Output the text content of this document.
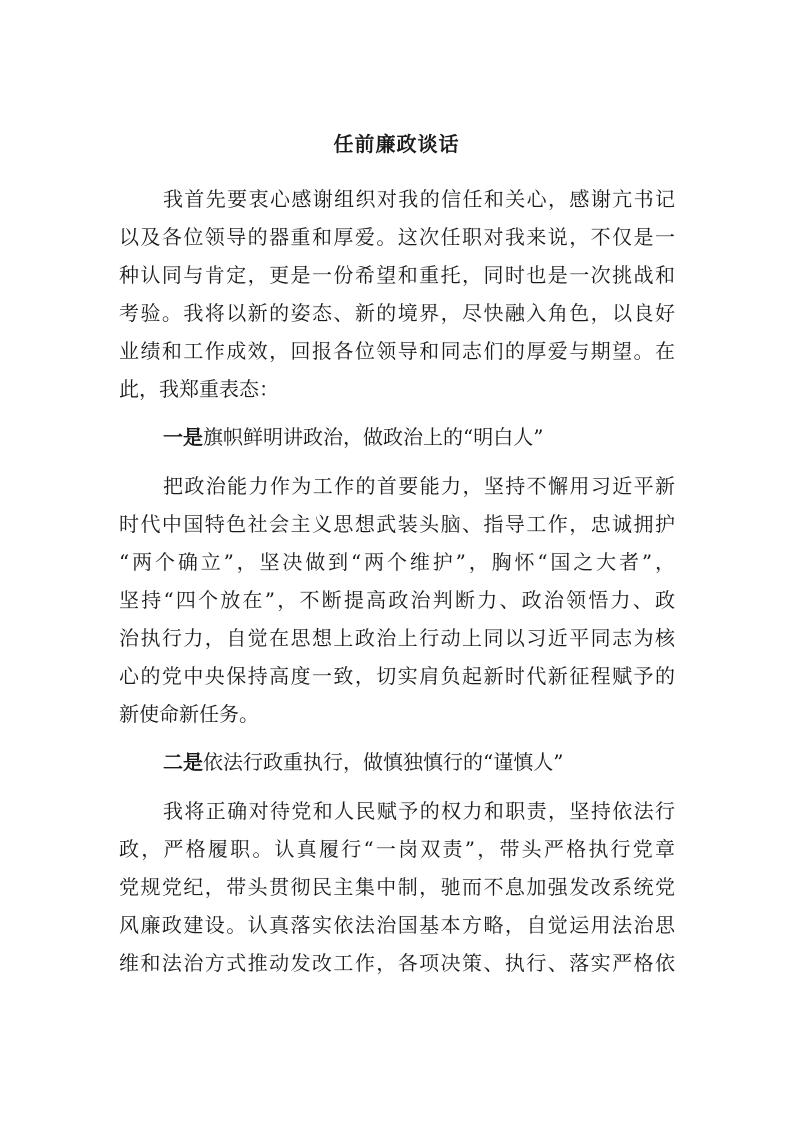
任前廉政谈话
我首先要衷心感谢组织对我的信任和关心，感谢亢书记
以及各位领导的器重和厚爱。这次任职对我来说，不仅是一
种认同与肯定，更是一份希望和重托，同时也是一次挑战和
考验。我将以新的姿态、新的境界，尽快融入角色，以良好
业绩和工作成效，回报各位领导和同志们的厚爱与期望。在
此，我郑重表态：
一是旗帜鲜明讲政治，做政治上的“明白人”
把政治能力作为工作的首要能力，坚持不懈用习近平新
时代中国特色社会主义思想武装头脑、指导工作，忠诚拥护
“两个确立”，坚决做到“两个维护”，胸怀“国之大者”，
坚持“四个放在”，不断提高政治判断力、政治领悟力、政
治执行力，自觉在思想上政治上行动上同以习近平同志为核
心的党中央保持高度一致，切实肩负起新时代新征程赋予的
新使命新任务。
二是依法行政重执行，做慎独慎行的“谨慎人”
我将正确对待党和人民赋予的权力和职责，坚持依法行
政，严格履职。认真履行“一岗双责”，带头严格执行党章
党规党纪，带头贯彻民主集中制，驰而不息加强发改系统党
风廉政建设。认真落实依法治国基本方略，自觉运用法治思
维和法治方式推动发改工作，各项决策、执行、落实严格依
